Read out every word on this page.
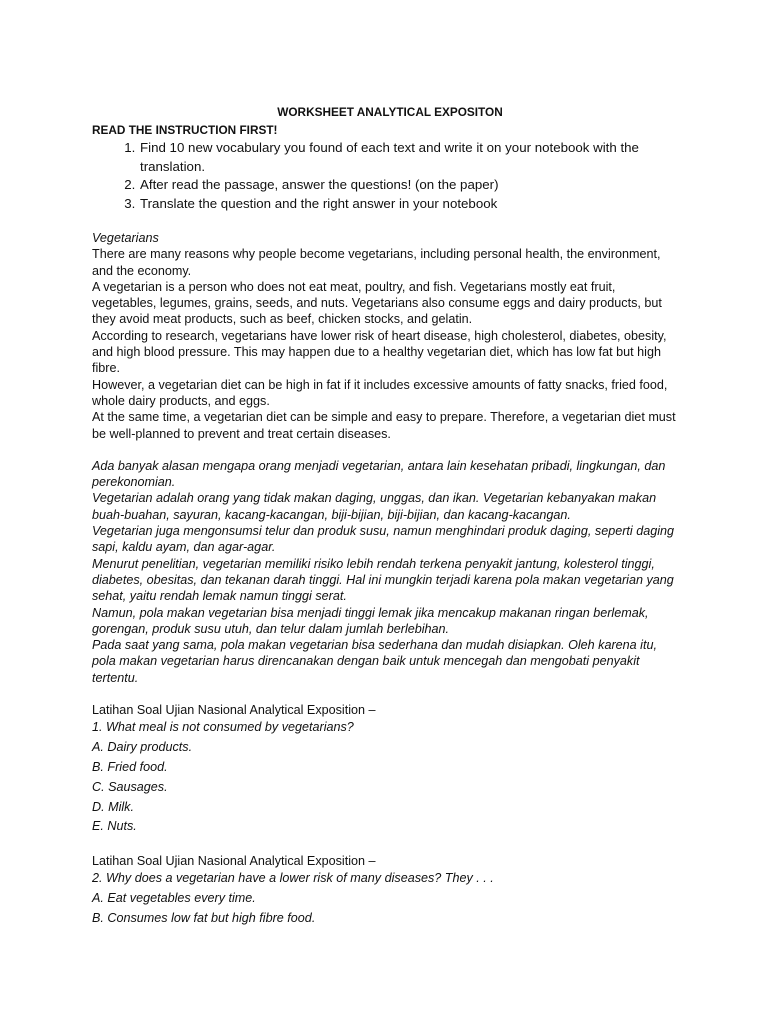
WORKSHEET ANALYTICAL EXPOSITON

READ THE INSTRUCTION FIRST!

1. Find 10 new vocabulary you found of each text and write it on your notebook with the translation.
2. After read the passage, answer the questions! (on the paper)
3. Translate the question and the right answer in your notebook

Vegetarians

There are many reasons why people become vegetarians, including personal health, the environment, and the economy.

A vegetarian is a person who does not eat meat, poultry, and fish. Vegetarians mostly eat fruit, vegetables, legumes, grains, seeds, and nuts. Vegetarians also consume eggs and dairy products, but they avoid meat products, such as beef, chicken stocks, and gelatin.

According to research, vegetarians have lower risk of heart disease, high cholesterol, diabetes, obesity, and high blood pressure. This may happen due to a healthy vegetarian diet, which has low fat but high fibre.

However, a vegetarian diet can be high in fat if it includes excessive amounts of fatty snacks, fried food, whole dairy products, and eggs.

At the same time, a vegetarian diet can be simple and easy to prepare. Therefore, a vegetarian diet must be well-planned to prevent and treat certain diseases.

Ada banyak alasan mengapa orang menjadi vegetarian, antara lain kesehatan pribadi, lingkungan, dan perekonomian.

Vegetarian adalah orang yang tidak makan daging, unggas, dan ikan. Vegetarian kebanyakan makan buah-buahan, sayuran, kacang-kacangan, biji-bijian, biji-bijian, dan kacang-kacangan.

Vegetarian juga mengonsumsi telur dan produk susu, namun menghindari produk daging, seperti daging sapi, kaldu ayam, dan agar-agar.

Menurut penelitian, vegetarian memiliki risiko lebih rendah terkena penyakit jantung, kolesterol tinggi, diabetes, obesitas, dan tekanan darah tinggi. Hal ini mungkin terjadi karena pola makan vegetarian yang sehat, yaitu rendah lemak namun tinggi serat.

Namun, pola makan vegetarian bisa menjadi tinggi lemak jika mencakup makanan ringan berlemak, gorengan, produk susu utuh, dan telur dalam jumlah berlebihan.

Pada saat yang sama, pola makan vegetarian bisa sederhana dan mudah disiapkan. Oleh karena itu, pola makan vegetarian harus direncanakan dengan baik untuk mencegah dan mengobati penyakit tertentu.

Latihan Soal Ujian Nasional Analytical Exposition –

1. What meal is not consumed by vegetarians?

A. Dairy products.

B. Fried food.

C. Sausages.

D. Milk.

E. Nuts.

Latihan Soal Ujian Nasional Analytical Exposition –

2. Why does a vegetarian have a lower risk of many diseases? They . . .

A. Eat vegetables every time.

B. Consumes low fat but high fibre food.
